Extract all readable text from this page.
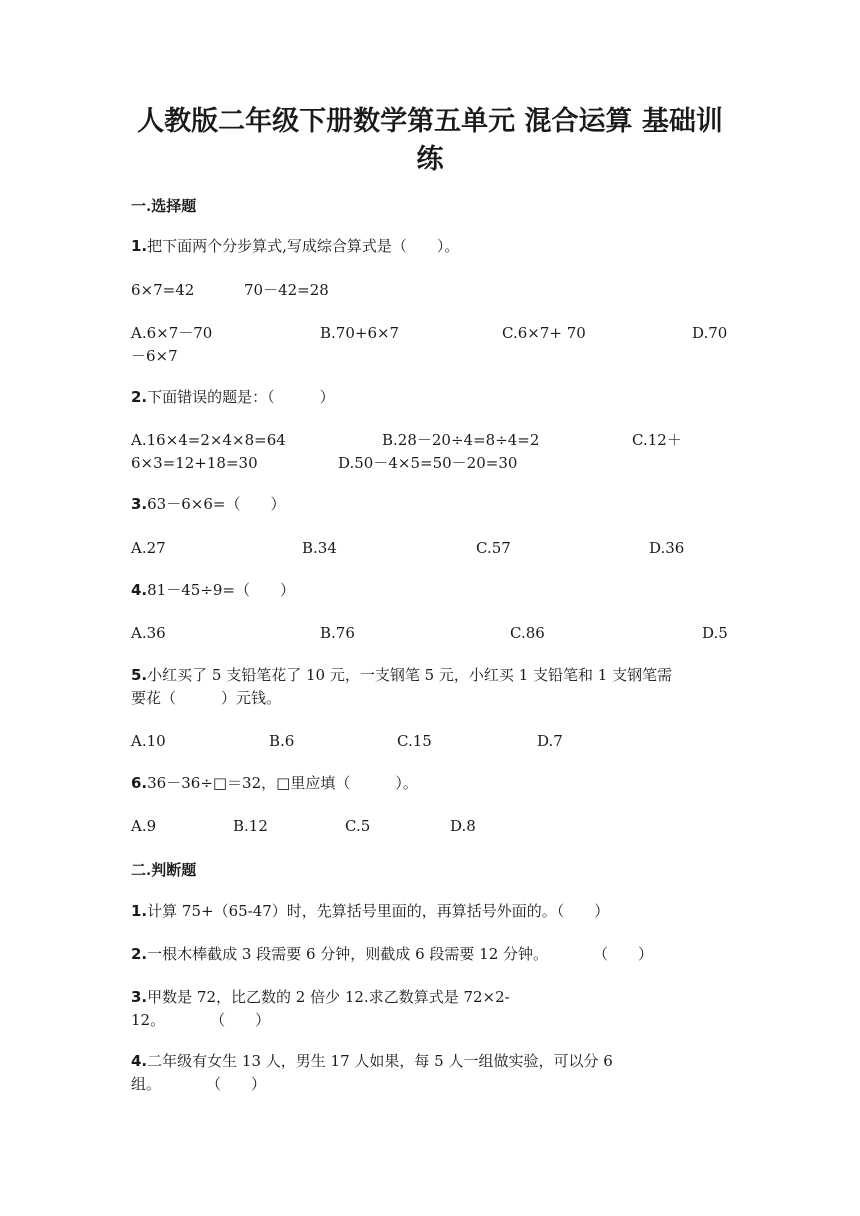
人教版二年级下册数学第五单元 混合运算 基础训
练
一.选择题
1.把下面两个分步算式,写成综合算式是（　　）。
6×7=42	70－42=28
A.6×7－70	B.70+6×7	C.6×7+ 70	D.70
－6×7
2.下面错误的题是：（　　　）
A.16×4=2×4×8=64	B.28－20÷4=8÷4=2	C.12＋
6×3=12+18=30	D.50－4×5=50－20=30
3.63－6×6=（　　）
A.27	B.34	C.57	D.36
4.81－45÷9=（　　）
A.36	B.76	C.86	D.5
5.小红买了 5 支铅笔花了 10 元，一支钢笔 5 元，小红买 1 支铅笔和 1 支钢笔需
要花（　　　）元钱。
A.10	B.6	C.15	D.7
6.36－36÷□＝32，□里应填（　　　）。
A.9	B.12	C.5	D.8
二.判断题
1.计算 75+（65-47）时，先算括号里面的，再算括号外面的。（　　）
2.一根木棒截成 3 段需要 6 分钟，则截成 6 段需要 12 分钟。　　　　（　　）
3.甲数是 72，比乙数的 2 倍少 12.求乙数算式是 72×2-
12。　　　　（　　）
4.二年级有女生 13 人，男生 17 人如果，每 5 人一组做实验，可以分 6
组。　　　　（　　）
